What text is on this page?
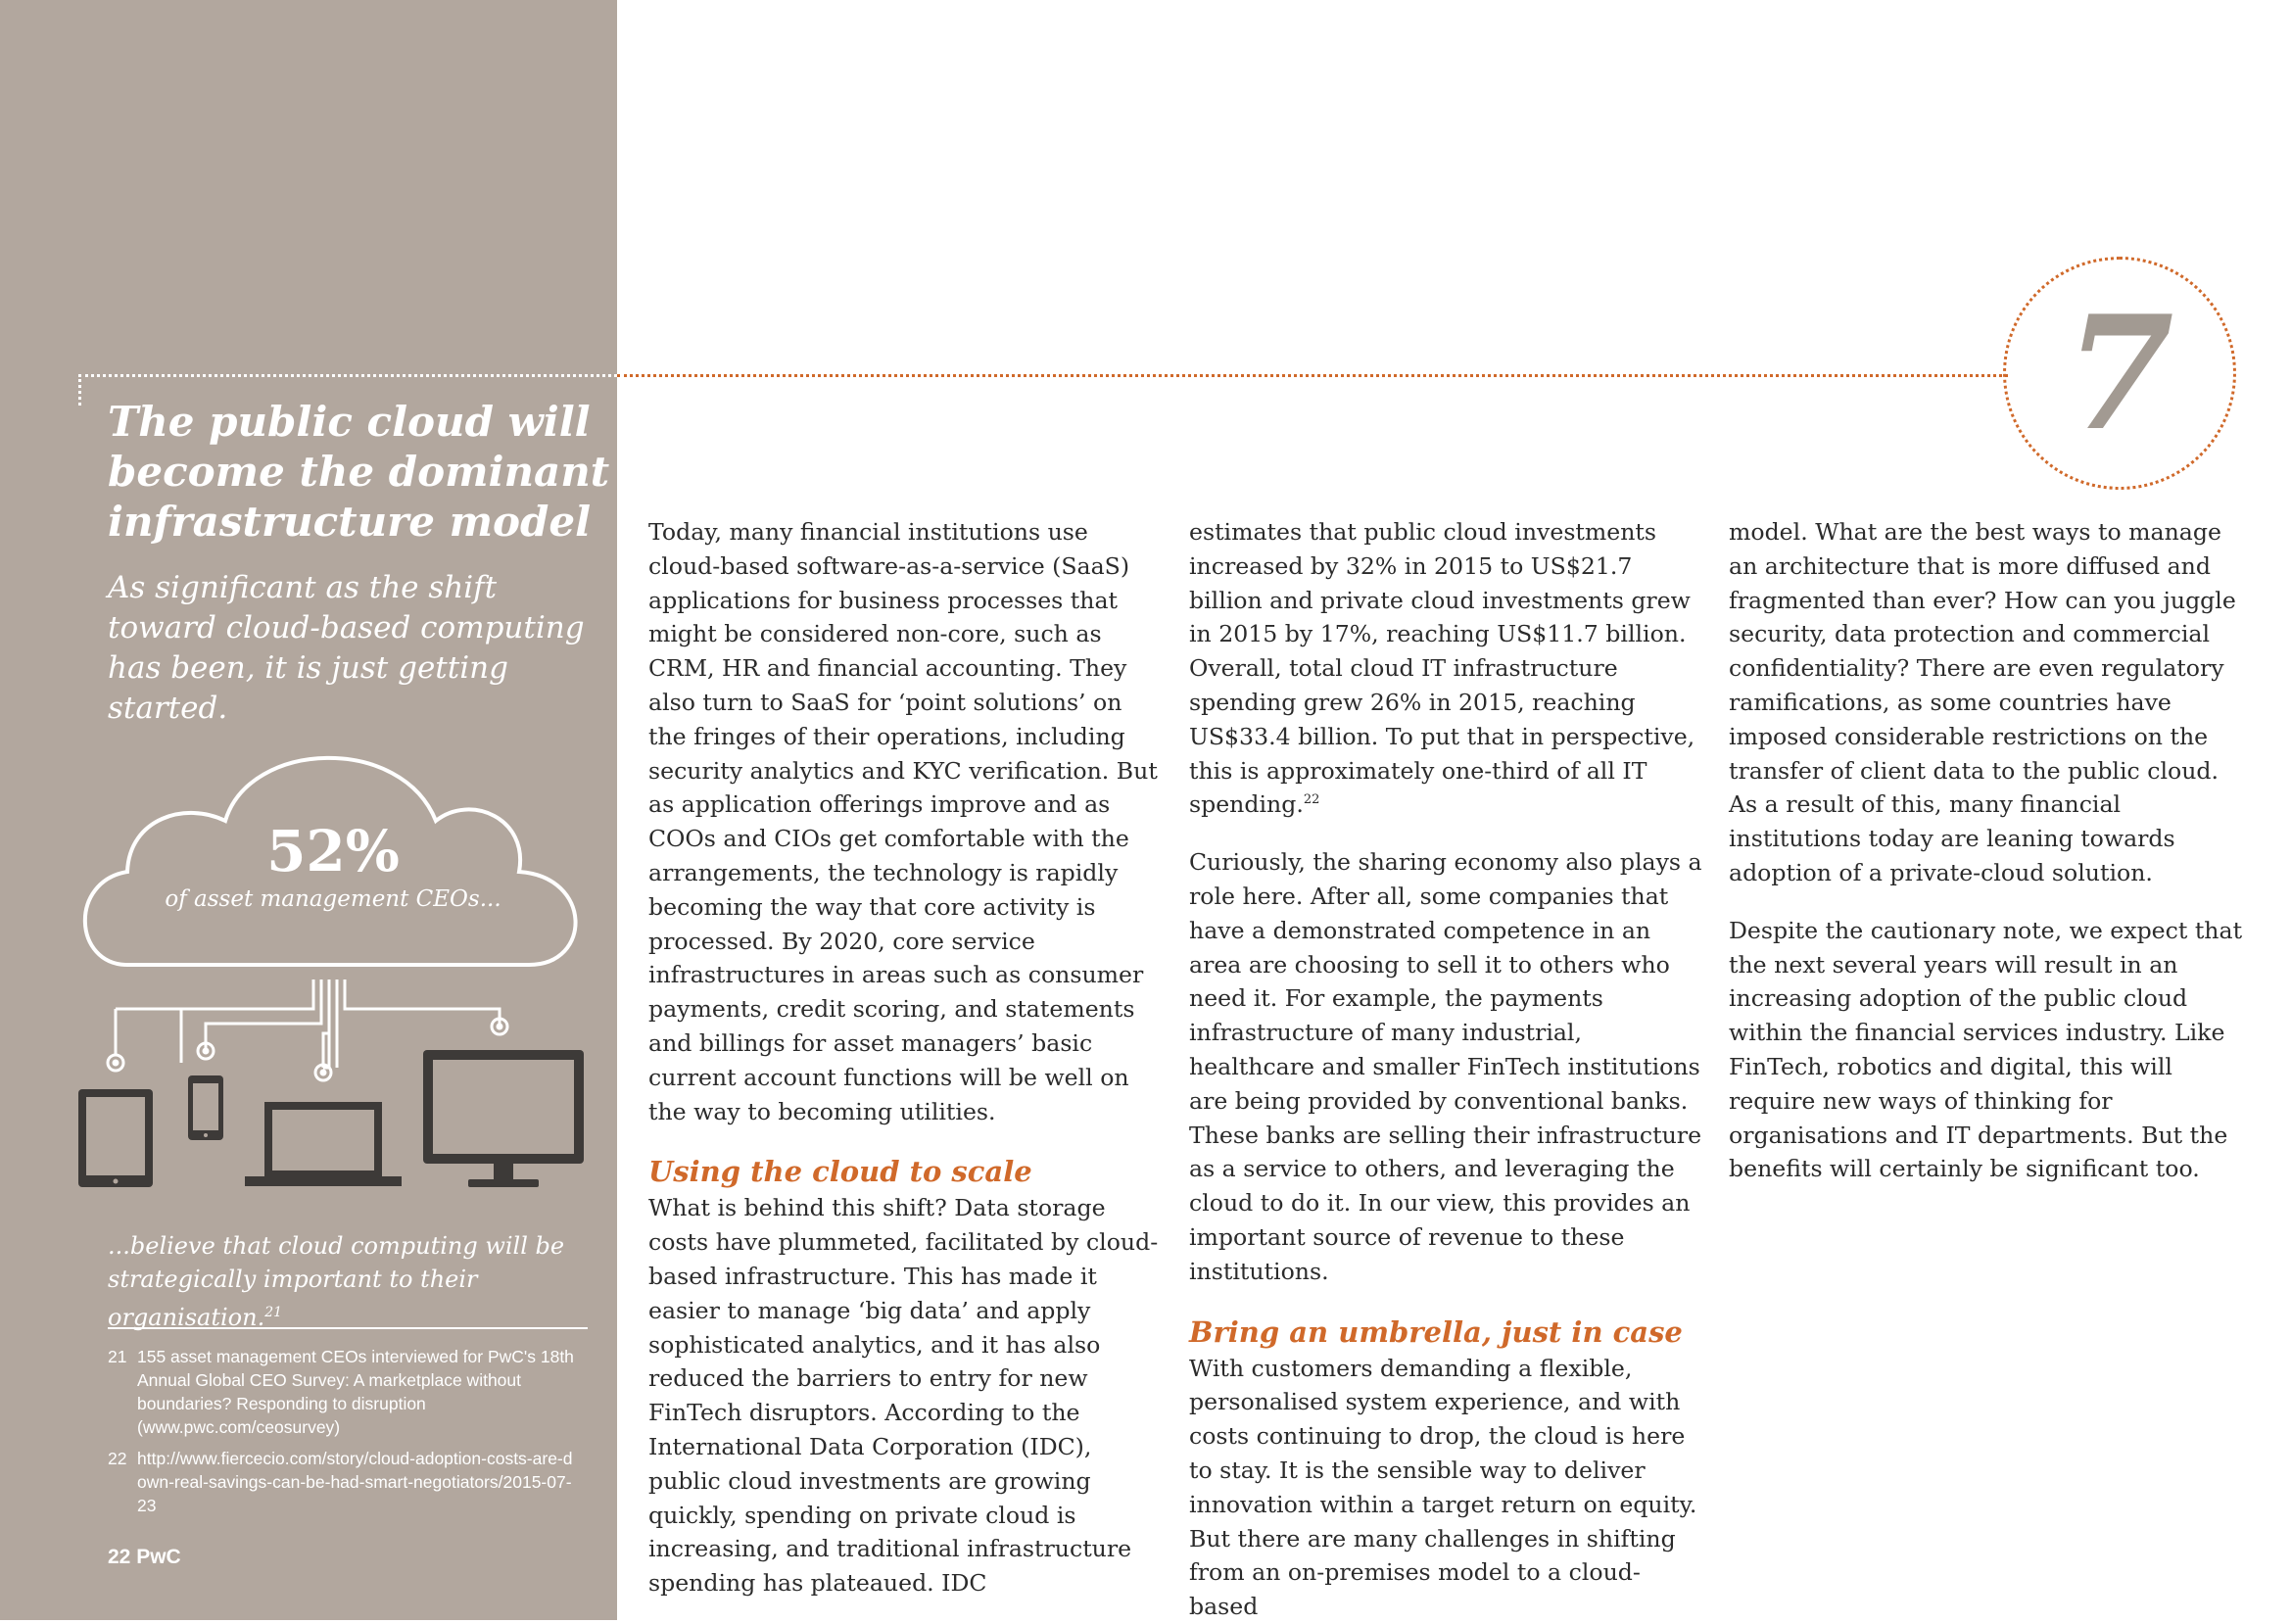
7
The public cloud will become the dominant infrastructure model

As significant as the shift toward cloud-based computing has been, it is just getting started.

52%
of asset management CEOs...

...believe that cloud computing will be strategically important to their organisation.$^{21}$

21 155 asset management CEOs interviewed for PwC's 18th Annual Global CEO Survey: A marketplace without boundaries? Responding to disruption (www.pwc.com/ceosurvey)
22 http://www.fiercecio.com/story/cloud-adoption-costs-are-down-real-savings-can-be-had-smart-negotiators/2015-07-23
22 PwC

Today, many financial institutions use cloud-based software-as-a-service (SaaS) applications for business processes that might be considered non-core, such as CRM, HR and financial accounting. They also turn to SaaS for ‘point solutions’ on the fringes of their operations, including security analytics and KYC verification. But as application offerings improve and as COOs and CIOs get comfortable with the arrangements, the technology is rapidly becoming the way that core activity is processed. By 2020, core service infrastructures in areas such as consumer payments, credit scoring, and statements and billings for asset managers’ basic current account functions will be well on the way to becoming utilities.

Using the cloud to scale

What is behind this shift? Data storage costs have plummeted, facilitated by cloud-based infrastructure. This has made it easier to manage ‘big data’ and apply sophisticated analytics, and it has also reduced the barriers to entry for new FinTech disruptors. According to the International Data Corporation (IDC), public cloud investments are growing quickly, spending on private cloud is increasing, and traditional infrastructure spending has plateaued. IDC

estimates that public cloud investments increased by 32% in 2015 to US$21.7 billion and private cloud investments grew in 2015 by 17%, reaching US$11.7 billion. Overall, total cloud IT infrastructure spending grew 26% in 2015, reaching US$33.4 billion. To put that in perspective, this is approximately one-third of all IT spending.$^{22}$

Curiously, the sharing economy also plays a role here. After all, some companies that have a demonstrated competence in an area are choosing to sell it to others who need it. For example, the payments infrastructure of many industrial, healthcare and smaller FinTech institutions are being provided by conventional banks. These banks are selling their infrastructure as a service to others, and leveraging the cloud to do it. In our view, this provides an important source of revenue to these institutions.

Bring an umbrella, just in case

With customers demanding a flexible, personalised system experience, and with costs continuing to drop, the cloud is here to stay. It is the sensible way to deliver innovation within a target return on equity. But there are many challenges in shifting from an on-premises model to a cloud-based

model. What are the best ways to manage an architecture that is more diffused and fragmented than ever? How can you juggle security, data protection and commercial confidentiality? There are even regulatory ramifications, as some countries have imposed considerable restrictions on the transfer of client data to the public cloud. As a result of this, many financial institutions today are leaning towards adoption of a private-cloud solution.

Despite the cautionary note, we expect that the next several years will result in an increasing adoption of the public cloud within the financial services industry. Like FinTech, robotics and digital, this will require new ways of thinking for organisations and IT departments. But the benefits will certainly be significant too.
